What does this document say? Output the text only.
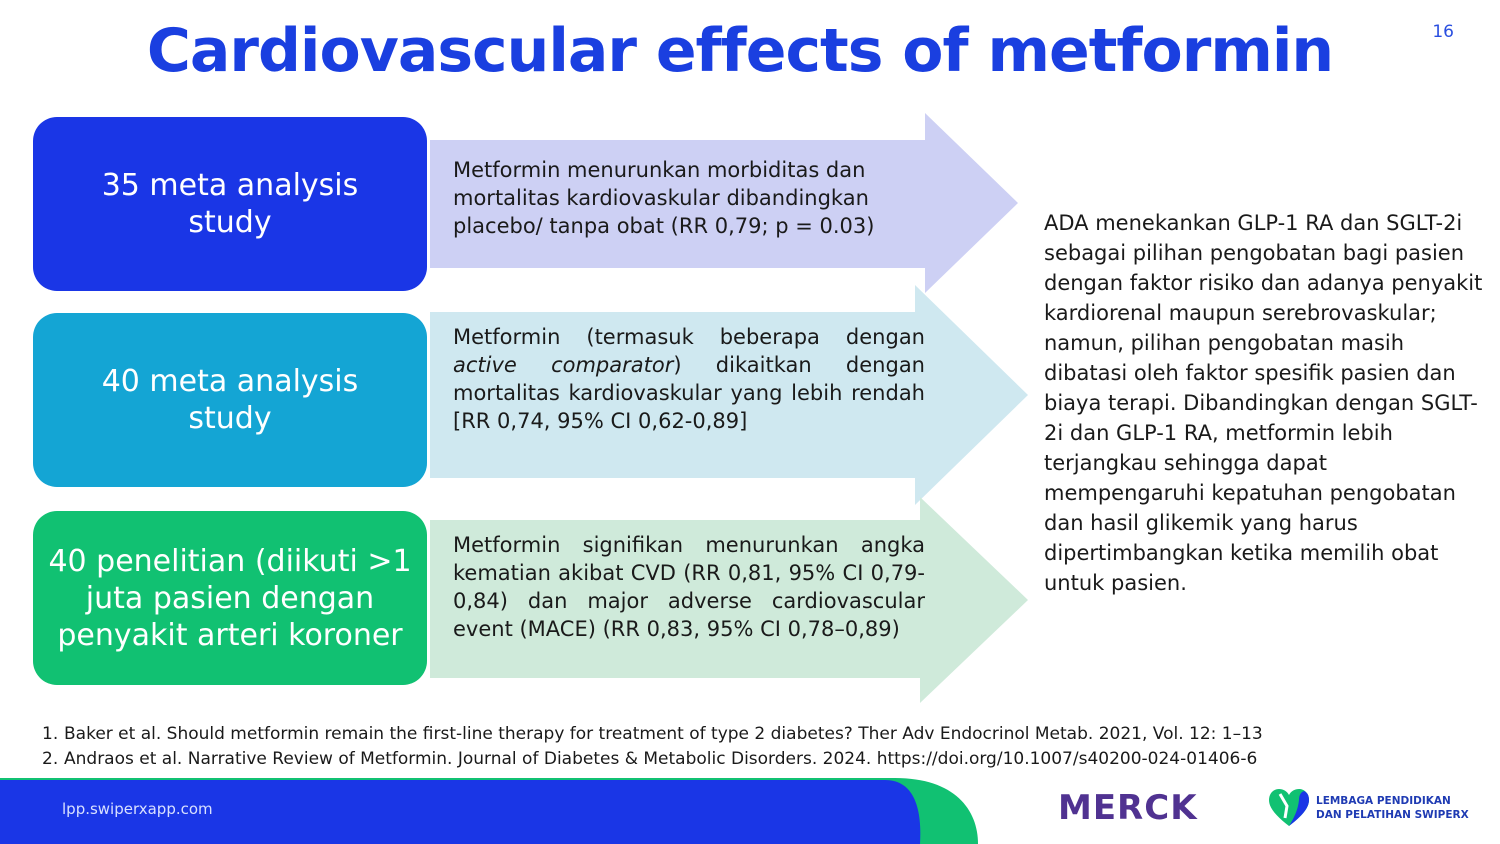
Cardiovascular effects of metformin	16
35 meta analysis
study
40 meta analysis
study
40 penelitian (diikuti >1
juta pasien dengan
penyakit arteri koroner
Metformin menurunkan morbiditas dan mortalitas kardiovaskular dibandingkan placebo/ tanpa obat (RR 0,79; p = 0.03)
Metformin (termasuk beberapa dengan active comparator) dikaitkan dengan mortalitas kardiovaskular yang lebih rendah [RR 0,74, 95% CI 0,62-0,89]
Metformin signifikan menurunkan angka kematian akibat CVD (RR 0,81, 95% CI 0,79-0,84) dan major adverse cardiovascular event (MACE) (RR 0,83, 95% CI 0,78–0,89)
ADA menekankan GLP-1 RA dan SGLT-2i sebagai pilihan pengobatan bagi pasien dengan faktor risiko dan adanya penyakit kardiorenal maupun serebrovaskular; namun, pilihan pengobatan masih dibatasi oleh faktor spesifik pasien dan biaya terapi. Dibandingkan dengan SGLT-2i dan GLP-1 RA, metformin lebih terjangkau sehingga dapat mempengaruhi kepatuhan pengobatan dan hasil glikemik yang harus dipertimbangkan ketika memilih obat untuk pasien.
1. Baker et al. Should metformin remain the first-line therapy for treatment of type 2 diabetes? Ther Adv Endocrinol Metab. 2021, Vol. 12: 1–13
2. Andraos et al. Narrative Review of Metformin. Journal of Diabetes & Metabolic Disorders. 2024. https://doi.org/10.1007/s40200-024-01406-6
lpp.swiperxapp.com	MERCK	LEMBAGA PENDIDIKAN
DAN PELATIHAN SWIPERX
